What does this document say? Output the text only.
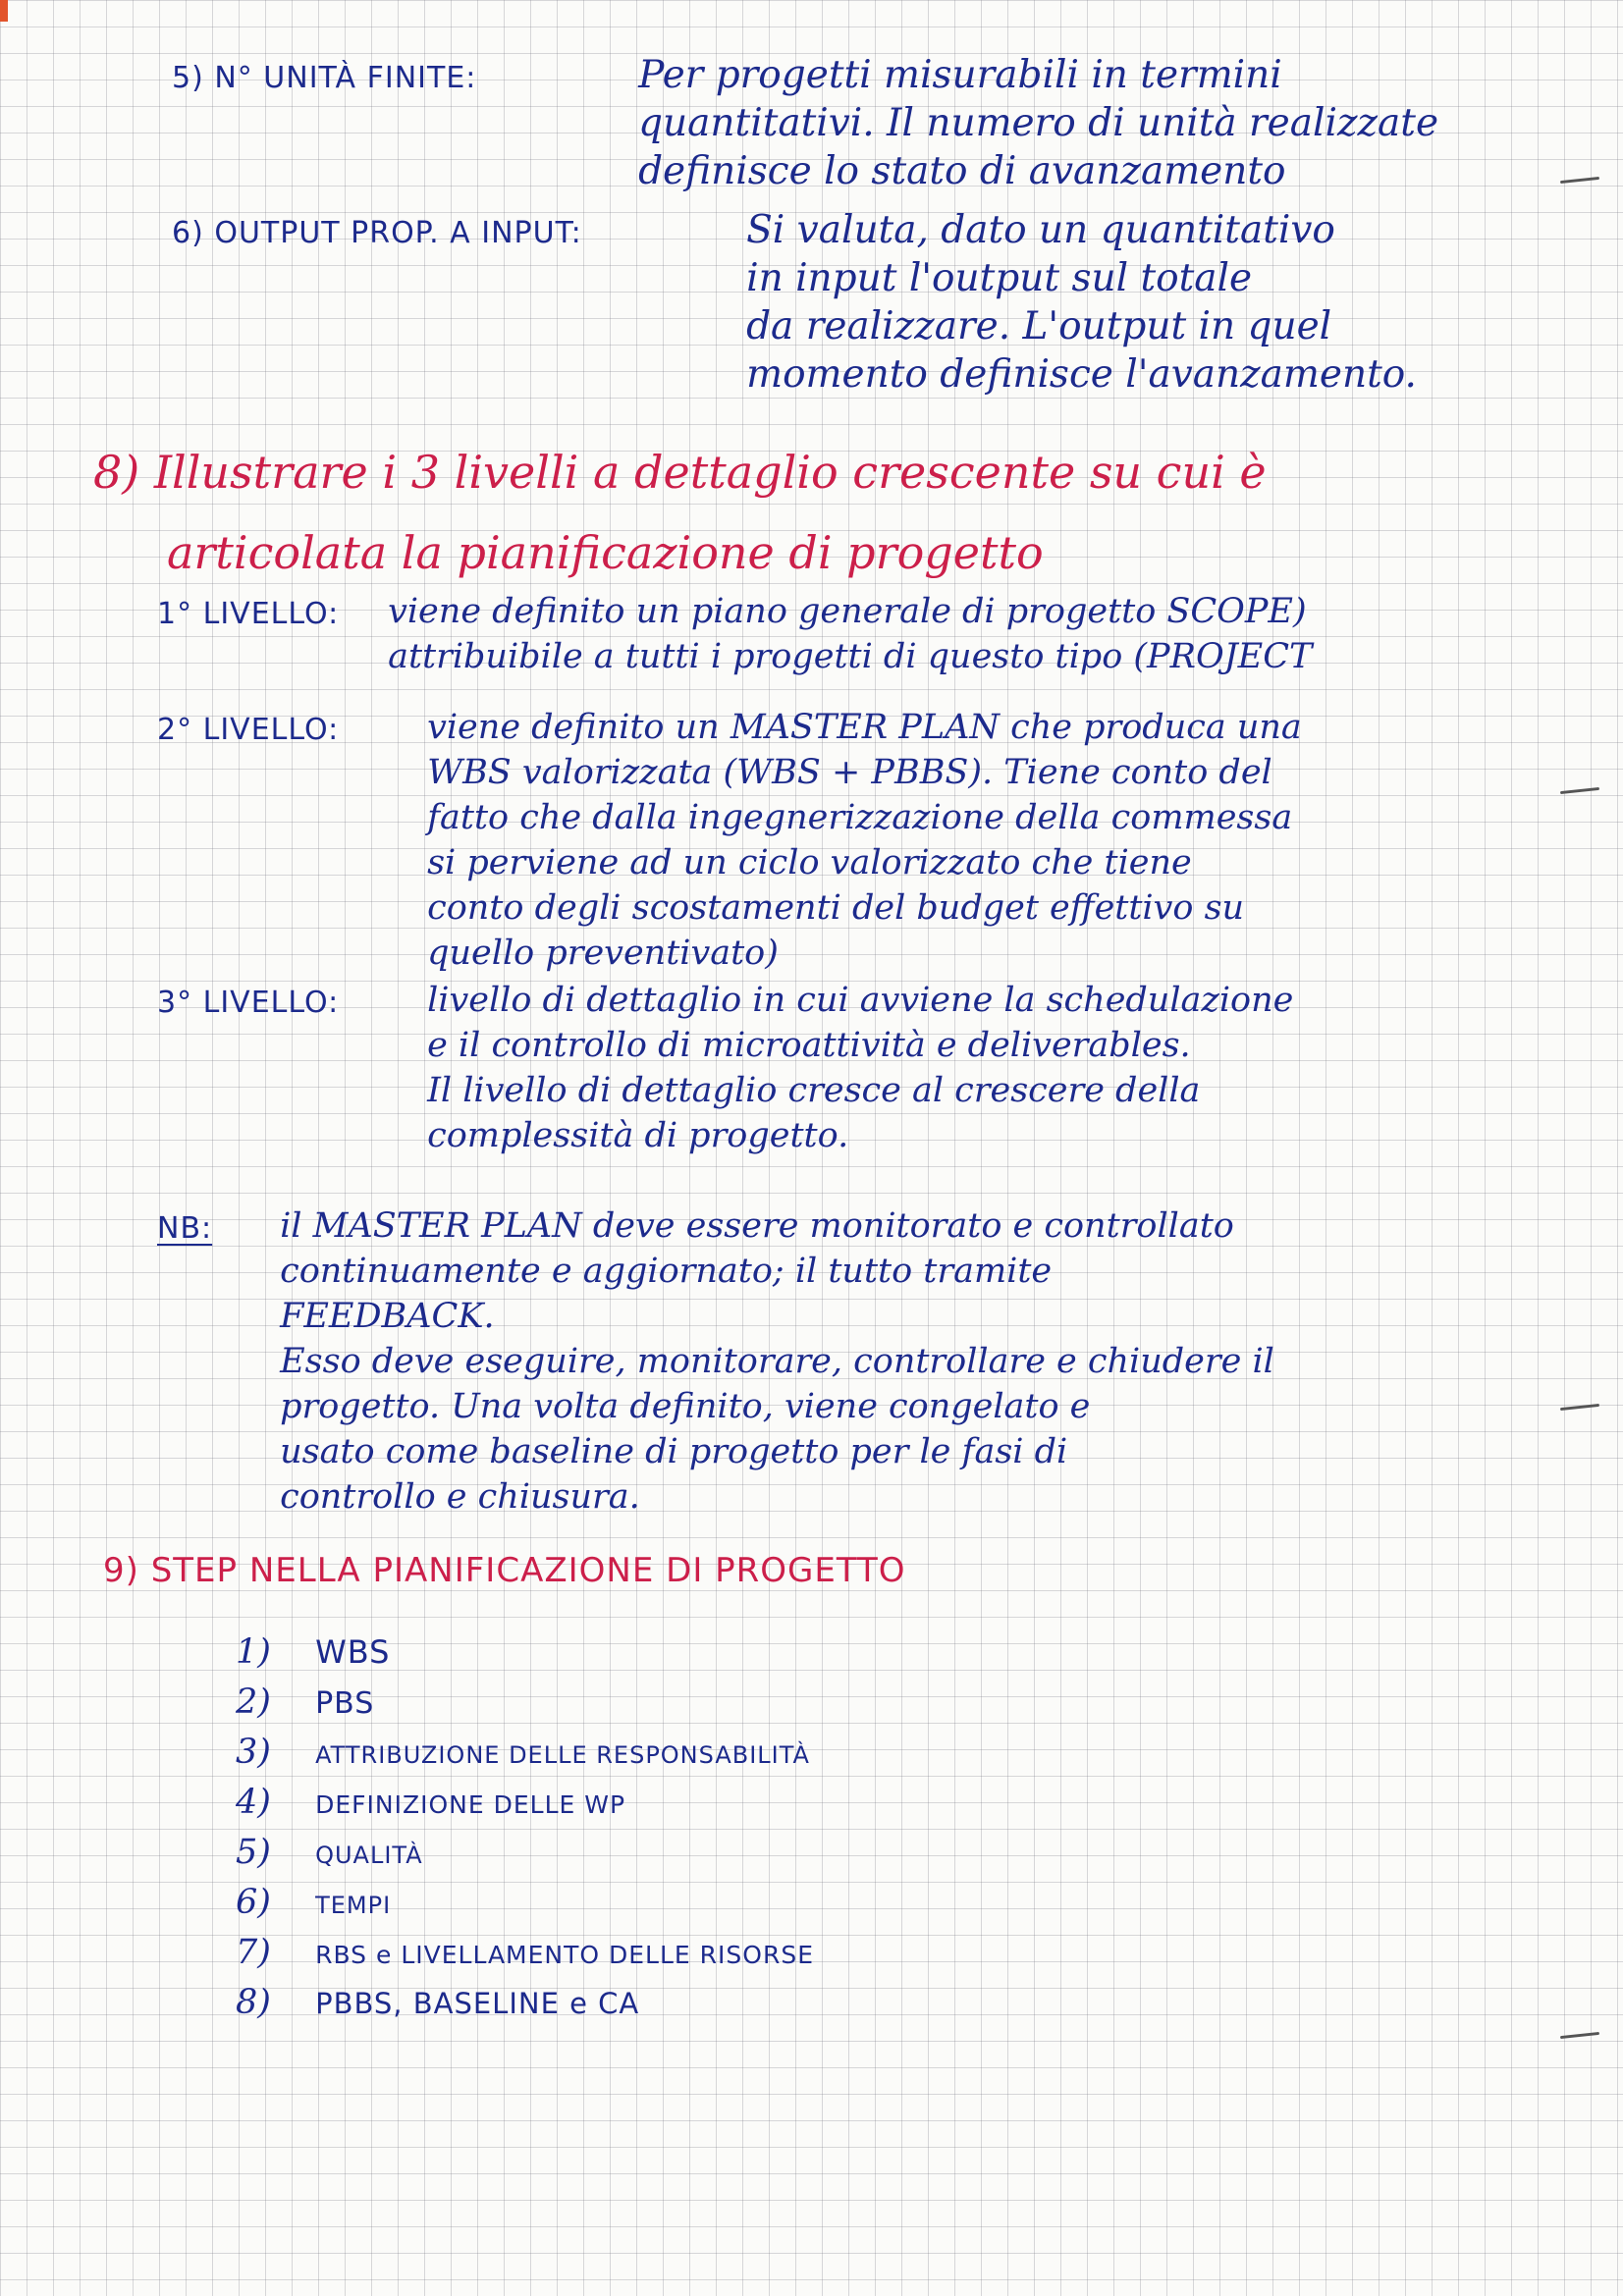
5) N° UNITÀ FINITE:	Per progetti misurabili in termini
quantitativi. Il numero di unità realizzate
definisce lo stato di avanzamento
6) OUTPUT PROP. A INPUT:	Si valuta, dato un quantitativo
in input l'output sul totale
da realizzare. L'output in quel
momento definisce l'avanzamento.
8) Illustrare i 3 livelli a dettaglio crescente su cui è
articolata la pianificazione di progetto
1° LIVELLO: viene definito un piano generale di progetto SCOPE)
attribuibile a tutti i progetti di questo tipo (PROJECT
2° LIVELLO:	viene definito un MASTER PLAN che produca una
WBS valorizzata (WBS + PBBS). Tiene conto del
fatto che dalla ingegnerizzazione della commessa
si perviene ad un ciclo valorizzato che tiene
conto degli scostamenti del budget effettivo su
quello preventivato)
3° LIVELLO:	livello di dettaglio in cui avviene la schedulazione
e il controllo di microattività e deliverables.
Il livello di dettaglio cresce al crescere della
complessità di progetto.
NB: il MASTER PLAN deve essere monitorato e controllato
continuamente e aggiornato; il tutto tramite
FEEDBACK.
Esso deve eseguire, monitorare, controllare e chiudere il
progetto. Una volta definito, viene congelato e
usato come baseline di progetto per le fasi di
controllo e chiusura.
9) STEP NELLA PIANIFICAZIONE DI PROGETTO
1) WBS
2) PBS
3) ATTRIBUZIONE DELLE RESPONSABILITÀ
4) DEFINIZIONE DELLE WP
5) QUALITÀ
6) TEMPI
7) RBS e LIVELLAMENTO DELLE RISORSE
8) PBBS, BASELINE e CA
